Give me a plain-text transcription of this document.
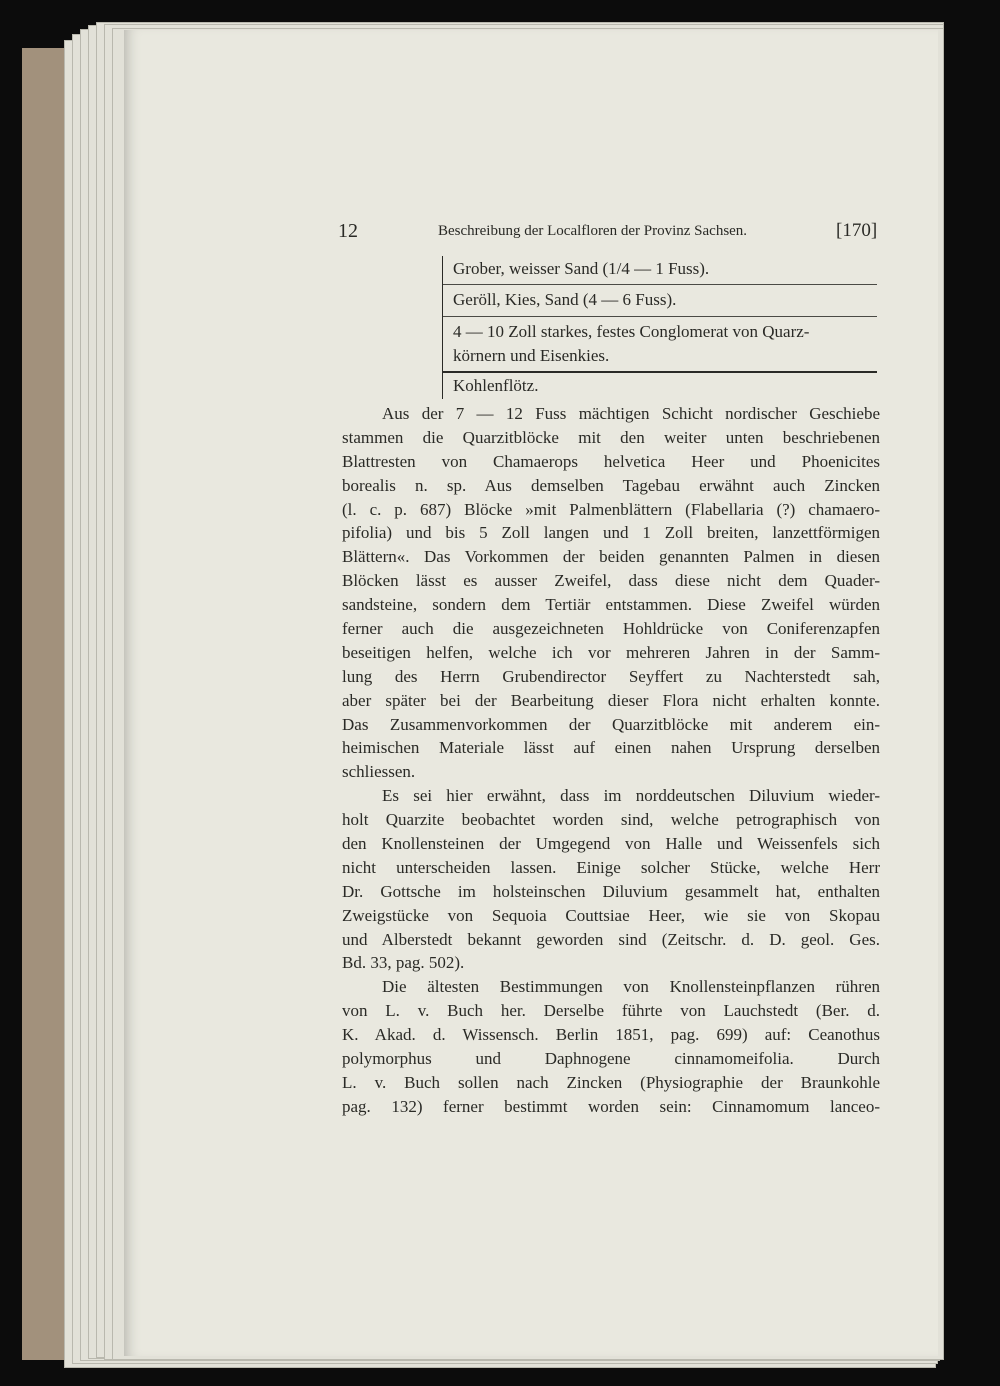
12	Beschreibung der Localfloren der Provinz Sachsen.	[170]
Grober, weisser Sand (1/4 — 1 Fuss).
Geröll, Kies, Sand (4 — 6 Fuss).
4 — 10 Zoll starkes, festes Conglomerat von Quarz-
körnern und Eisenkies.
Kohlenflötz.
Aus der 7 — 12 Fuss mächtigen Schicht nordischer Geschiebe
stammen die Quarzitblöcke mit den weiter unten beschriebenen
Blattresten von Chamaerops helvetica Heer und Phoenicites
borealis n. sp. Aus demselben Tagebau erwähnt auch Zincken
(l. c. p. 687) Blöcke »mit Palmenblättern (Flabellaria (?) chamaero-
pifolia) und bis 5 Zoll langen und 1 Zoll breiten, lanzettförmigen
Blättern«. Das Vorkommen der beiden genannten Palmen in diesen
Blöcken lässt es ausser Zweifel, dass diese nicht dem Quader-
sandsteine, sondern dem Tertiär entstammen. Diese Zweifel würden
ferner auch die ausgezeichneten Hohldrücke von Coniferenzapfen
beseitigen helfen, welche ich vor mehreren Jahren in der Samm-
lung des Herrn Grubendirector Seyffert zu Nachterstedt sah,
aber später bei der Bearbeitung dieser Flora nicht erhalten konnte.
Das Zusammenvorkommen der Quarzitblöcke mit anderem ein-
heimischen Materiale lässt auf einen nahen Ursprung derselben
schliessen.
Es sei hier erwähnt, dass im norddeutschen Diluvium wieder-
holt Quarzite beobachtet worden sind, welche petrographisch von
den Knollensteinen der Umgegend von Halle und Weissenfels sich
nicht unterscheiden lassen. Einige solcher Stücke, welche Herr
Dr. Gottsche im holsteinschen Diluvium gesammelt hat, enthalten
Zweigstücke von Sequoia Couttsiae Heer, wie sie von Skopau
und Alberstedt bekannt geworden sind (Zeitschr. d. D. geol. Ges.
Bd. 33, pag. 502).
Die ältesten Bestimmungen von Knollensteinpflanzen rühren
von L. v. Buch her. Derselbe führte von Lauchstedt (Ber. d.
K. Akad. d. Wissensch. Berlin 1851, pag. 699) auf: Ceanothus
polymorphus und Daphnogene cinnamomeifolia. Durch
L. v. Buch sollen nach Zincken (Physiographie der Braunkohle
pag. 132) ferner bestimmt worden sein: Cinnamomum lanceo-
